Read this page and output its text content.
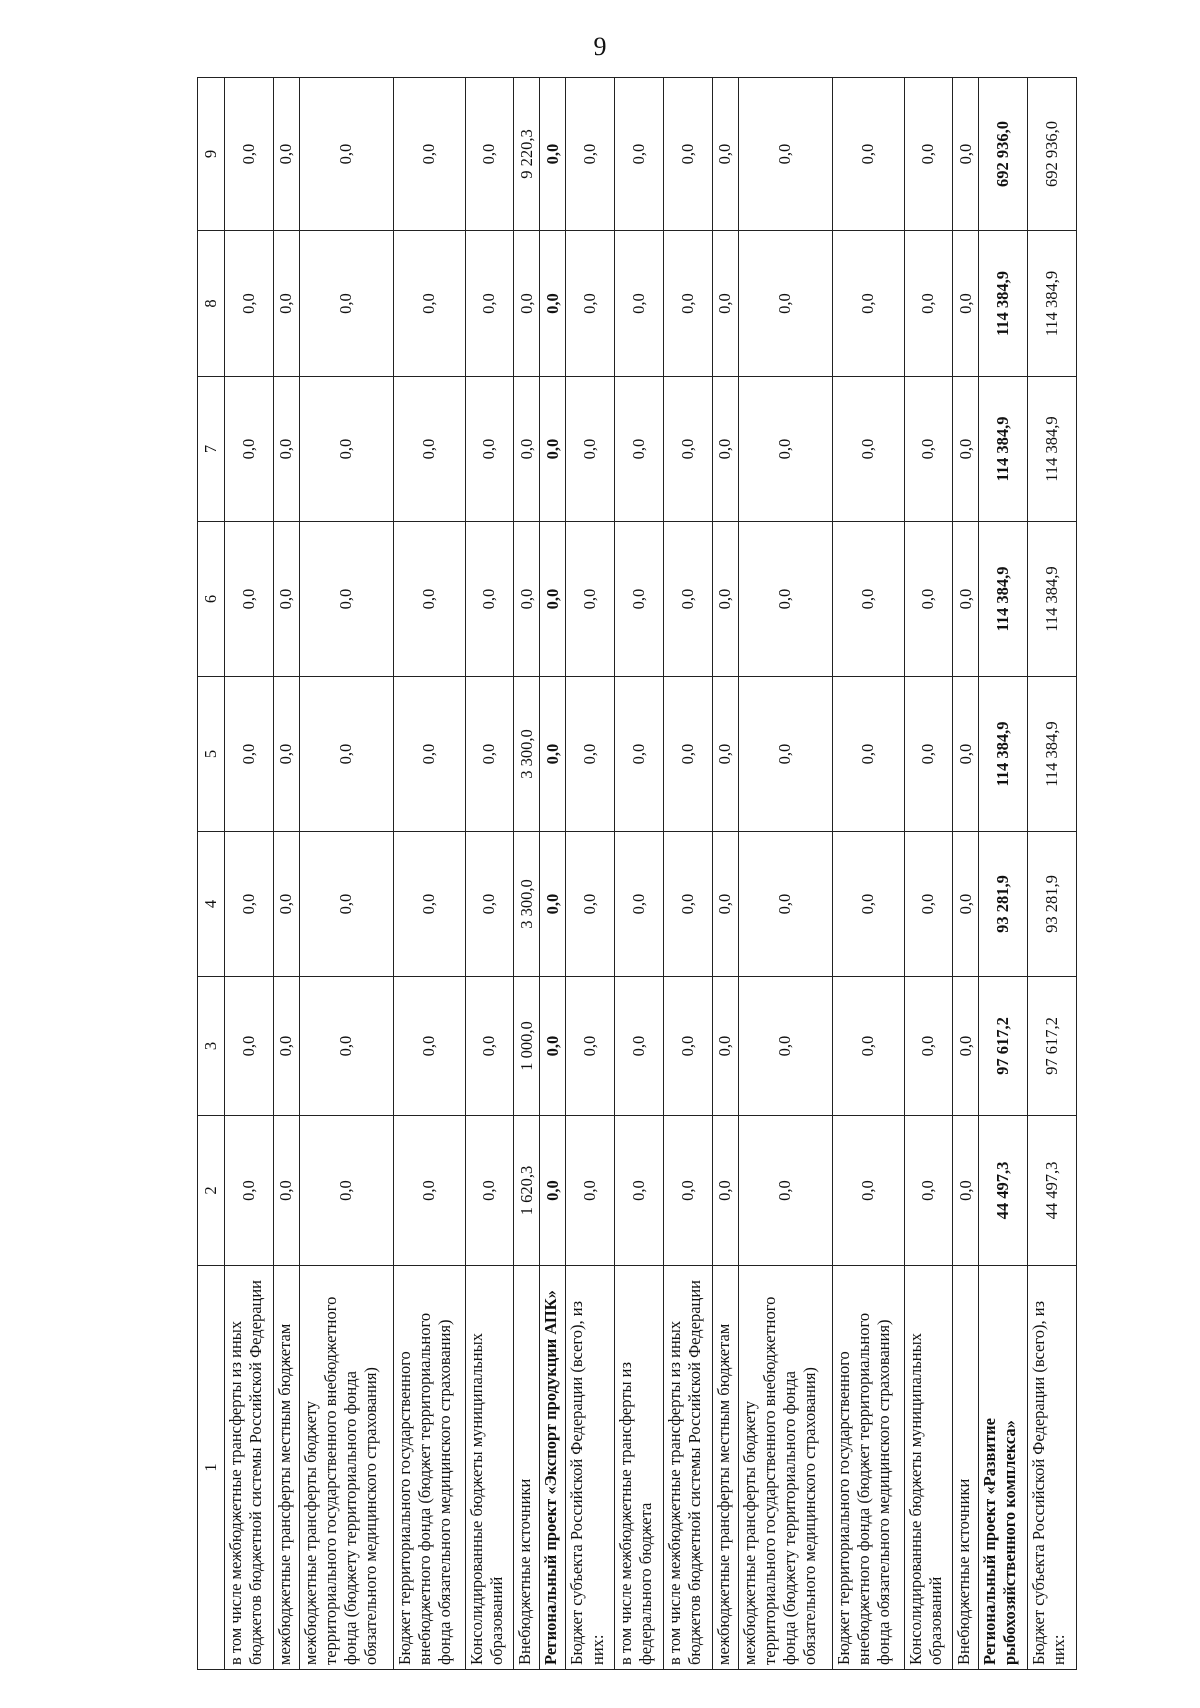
9
1	2	3	4	5	6	7	8	9
в том числе межбюджетные трансферты из иных бюджетов бюджетной системы Российской Федерации	0,0	0,0	0,0	0,0	0,0	0,0	0,0	0,0
межбюджетные трансферты местным бюджетам	0,0	0,0	0,0	0,0	0,0	0,0	0,0	0,0
межбюджетные трансферты бюджету территориального государственного внебюджетного фонда (бюджету территориального фонда обязательного медицинского страхования)	0,0	0,0	0,0	0,0	0,0	0,0	0,0	0,0
Бюджет территориального государственного внебюджетного фонда (бюджет территориального фонда обязательного медицинского страхования)	0,0	0,0	0,0	0,0	0,0	0,0	0,0	0,0
Консолидированные бюджеты муниципальных образований	0,0	0,0	0,0	0,0	0,0	0,0	0,0	0,0
Внебюджетные источники	1 620,3	1 000,0	3 300,0	3 300,0	0,0	0,0	0,0	9 220,3
Региональный проект «Экспорт продукции АПК»	0,0	0,0	0,0	0,0	0,0	0,0	0,0	0,0
Бюджет субъекта Российской Федерации (всего), из них:	0,0	0,0	0,0	0,0	0,0	0,0	0,0	0,0
в том числе межбюджетные трансферты из федерального бюджета	0,0	0,0	0,0	0,0	0,0	0,0	0,0	0,0
в том числе межбюджетные трансферты из иных бюджетов бюджетной системы Российской Федерации	0,0	0,0	0,0	0,0	0,0	0,0	0,0	0,0
межбюджетные трансферты местным бюджетам	0,0	0,0	0,0	0,0	0,0	0,0	0,0	0,0
межбюджетные трансферты бюджету территориального государственного внебюджетного фонда (бюджету территориального фонда обязательного медицинского страхования)	0,0	0,0	0,0	0,0	0,0	0,0	0,0	0,0
Бюджет территориального государственного внебюджетного фонда (бюджет территориального фонда обязательного медицинского страхования)	0,0	0,0	0,0	0,0	0,0	0,0	0,0	0,0
Консолидированные бюджеты муниципальных образований	0,0	0,0	0,0	0,0	0,0	0,0	0,0	0,0
Внебюджетные источники	0,0	0,0	0,0	0,0	0,0	0,0	0,0	0,0
Региональный проект «Развитие рыбохозяйственного комплекса»	44 497,3	97 617,2	93 281,9	114 384,9	114 384,9	114 384,9	114 384,9	692 936,0
Бюджет субъекта Российской Федерации (всего), из них:	44 497,3	97 617,2	93 281,9	114 384,9	114 384,9	114 384,9	114 384,9	692 936,0
